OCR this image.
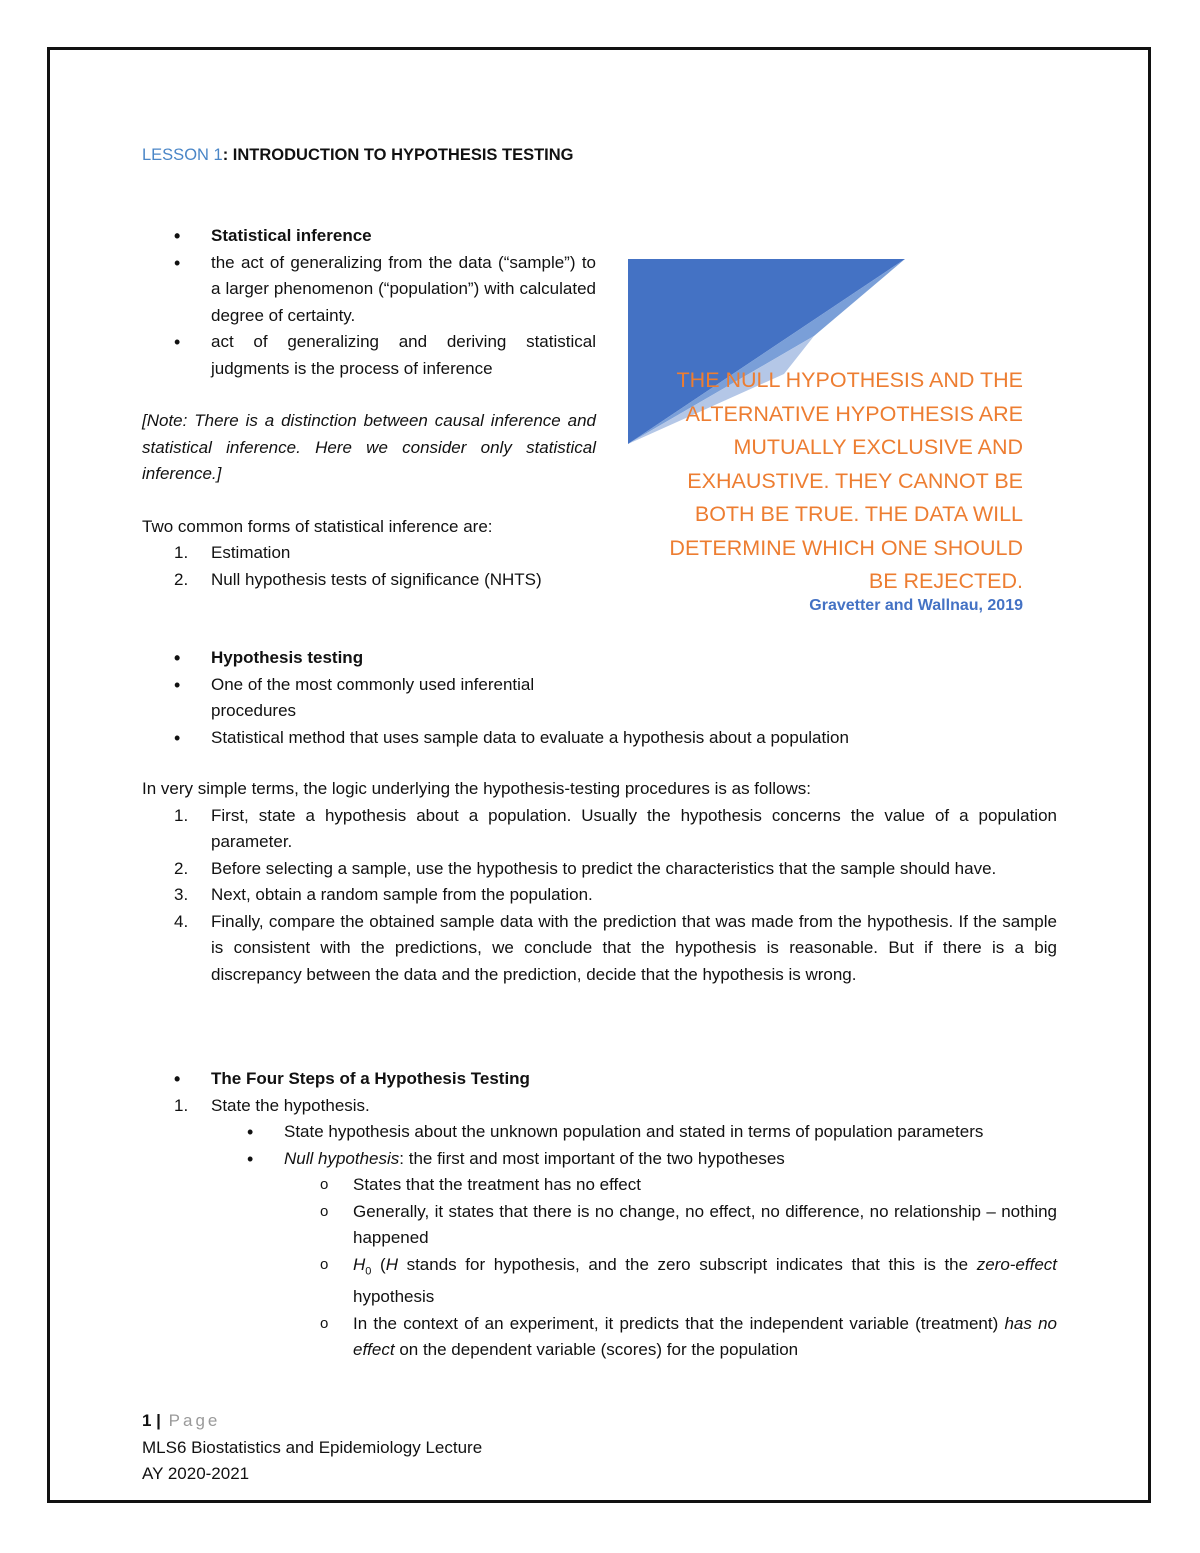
LESSON 1: INTRODUCTION TO HYPOTHESIS TESTING
• Statistical inference
• the act of generalizing from the data (“sample”) to a larger phenomenon (“population”) with calculated degree of certainty.
• act of generalizing and deriving statistical judgments is the process of inference
[Note: There is a distinction between causal inference and statistical inference. Here we consider only statistical inference.]
Two common forms of statistical inference are:
1. Estimation
2. Null hypothesis tests of significance (NHTS)
THE NULL HYPOTHESIS AND THE ALTERNATIVE HYPOTHESIS ARE MUTUALLY EXCLUSIVE AND EXHAUSTIVE. THEY CANNOT BE BOTH BE TRUE. THE DATA WILL DETERMINE WHICH ONE SHOULD BE REJECTED.
Gravetter and Wallnau, 2019
• Hypothesis testing
• One of the most commonly used inferential procedures
• Statistical method that uses sample data to evaluate a hypothesis about a population
In very simple terms, the logic underlying the hypothesis-testing procedures is as follows:
1. First, state a hypothesis about a population. Usually the hypothesis concerns the value of a population parameter.
2. Before selecting a sample, use the hypothesis to predict the characteristics that the sample should have.
3. Next, obtain a random sample from the population.
4. Finally, compare the obtained sample data with the prediction that was made from the hypothesis. If the sample is consistent with the predictions, we conclude that the hypothesis is reasonable. But if there is a big discrepancy between the data and the prediction, decide that the hypothesis is wrong.
• The Four Steps of a Hypothesis Testing
1. State the hypothesis.
• State hypothesis about the unknown population and stated in terms of population parameters
• Null hypothesis: the first and most important of the two hypotheses
o States that the treatment has no effect
o Generally, it states that there is no change, no effect, no difference, no relationship – nothing happened
o $H_0$ (H stands for hypothesis, and the zero subscript indicates that this is the zero-effect hypothesis
o In the context of an experiment, it predicts that the independent variable (treatment) has no effect on the dependent variable (scores) for the population
1 | Page
MLS6 Biostatistics and Epidemiology Lecture
AY 2020-2021
